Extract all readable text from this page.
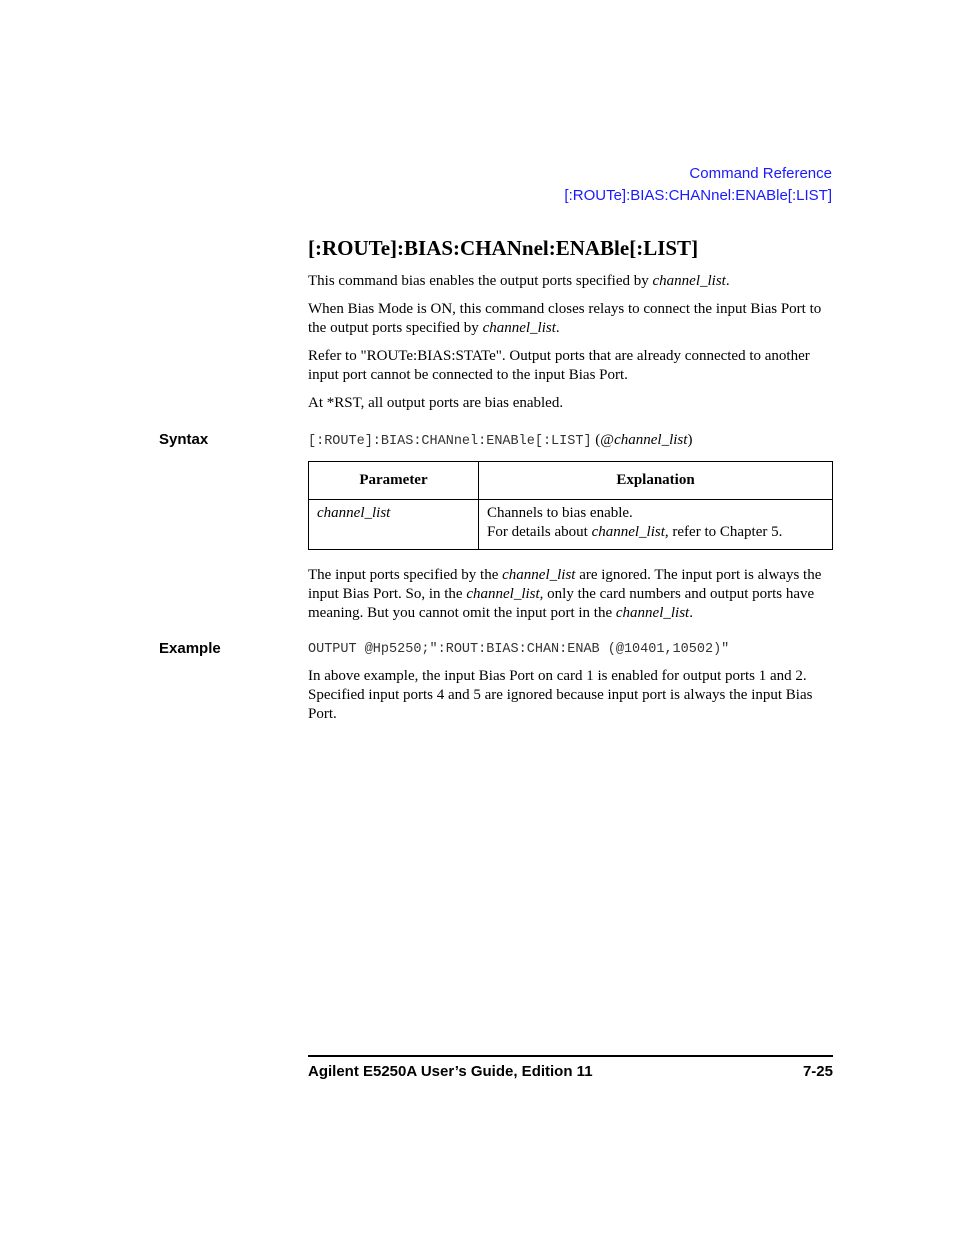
Command Reference
[:ROUTe]:BIAS:CHANnel:ENABle[:LIST]
[:ROUTe]:BIAS:CHANnel:ENABle[:LIST]

This command bias enables the output ports specified by channel_list.

When Bias Mode is ON, this command closes relays to connect the input Bias Port to the output ports specified by channel_list.

Refer to "ROUTe:BIAS:STATe". Output ports that are already connected to another input port cannot be connected to the input Bias Port.

At *RST, all output ports are bias enabled.

Syntax	[:ROUTe]:BIAS:CHANnel:ENABle[:LIST] (@channel_list)
Parameter	Explanation
channel_list	Channels to bias enable.
For details about channel_list, refer to Chapter 5.

The input ports specified by the channel_list are ignored. The input port is always the input Bias Port. So, in the channel_list, only the card numbers and output ports have meaning. But you cannot omit the input port in the channel_list.

Example	OUTPUT @Hp5250;":ROUT:BIAS:CHAN:ENAB (@10401,10502)"

In above example, the input Bias Port on card 1 is enabled for output ports 1 and 2. Specified input ports 4 and 5 are ignored because input port is always the input Bias Port.

Agilent E5250A User’s Guide, Edition 11	7-25
